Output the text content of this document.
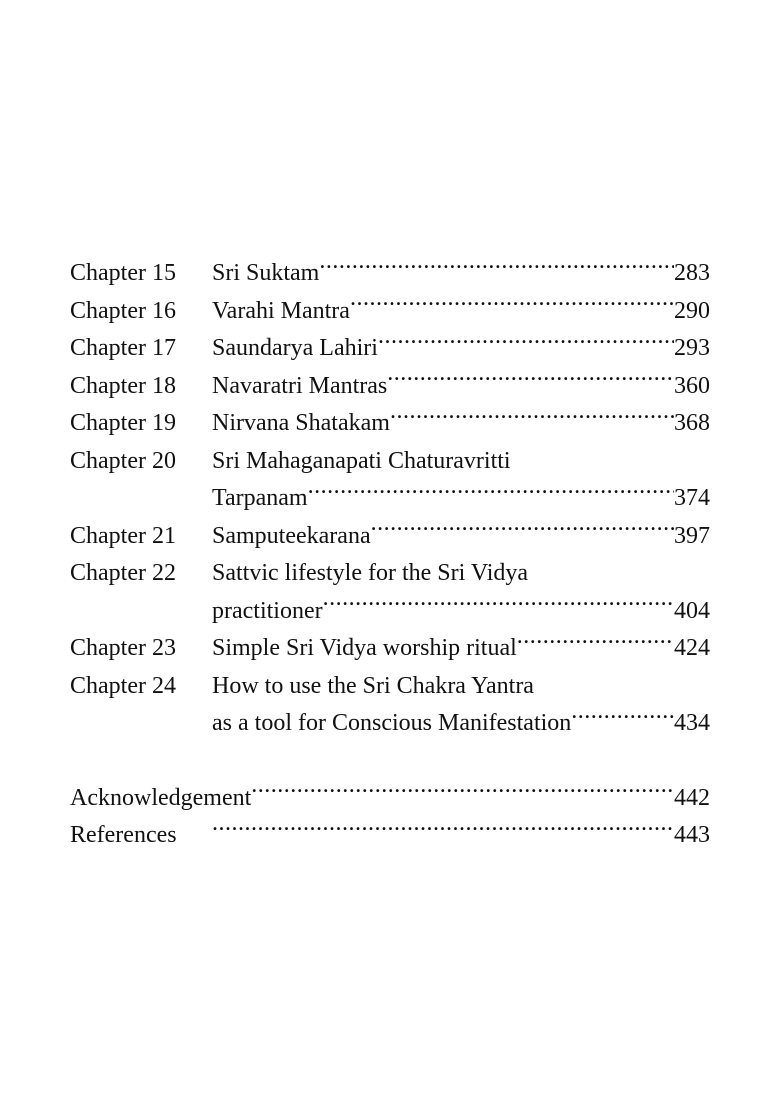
Chapter 15	Sri Suktam .....	283
Chapter 16	Varahi Mantra .....	290
Chapter 17	Saundarya Lahiri .....	293
Chapter 18	Navaratri Mantras .....	360
Chapter 19	Nirvana Shatakam .....	368
Chapter 20	Sri Mahaganapati Chaturavritti
Tarpanam .....	374
Chapter 21	Samputeekarana .....	397
Chapter 22	Sattvic lifestyle for the Sri Vidya
practitioner .....	404
Chapter 23	Simple Sri Vidya worship ritual .....	424
Chapter 24	How to use the Sri Chakra Yantra
as a tool for Conscious Manifestation .....	434
Acknowledgement .....	442
References .....	443
